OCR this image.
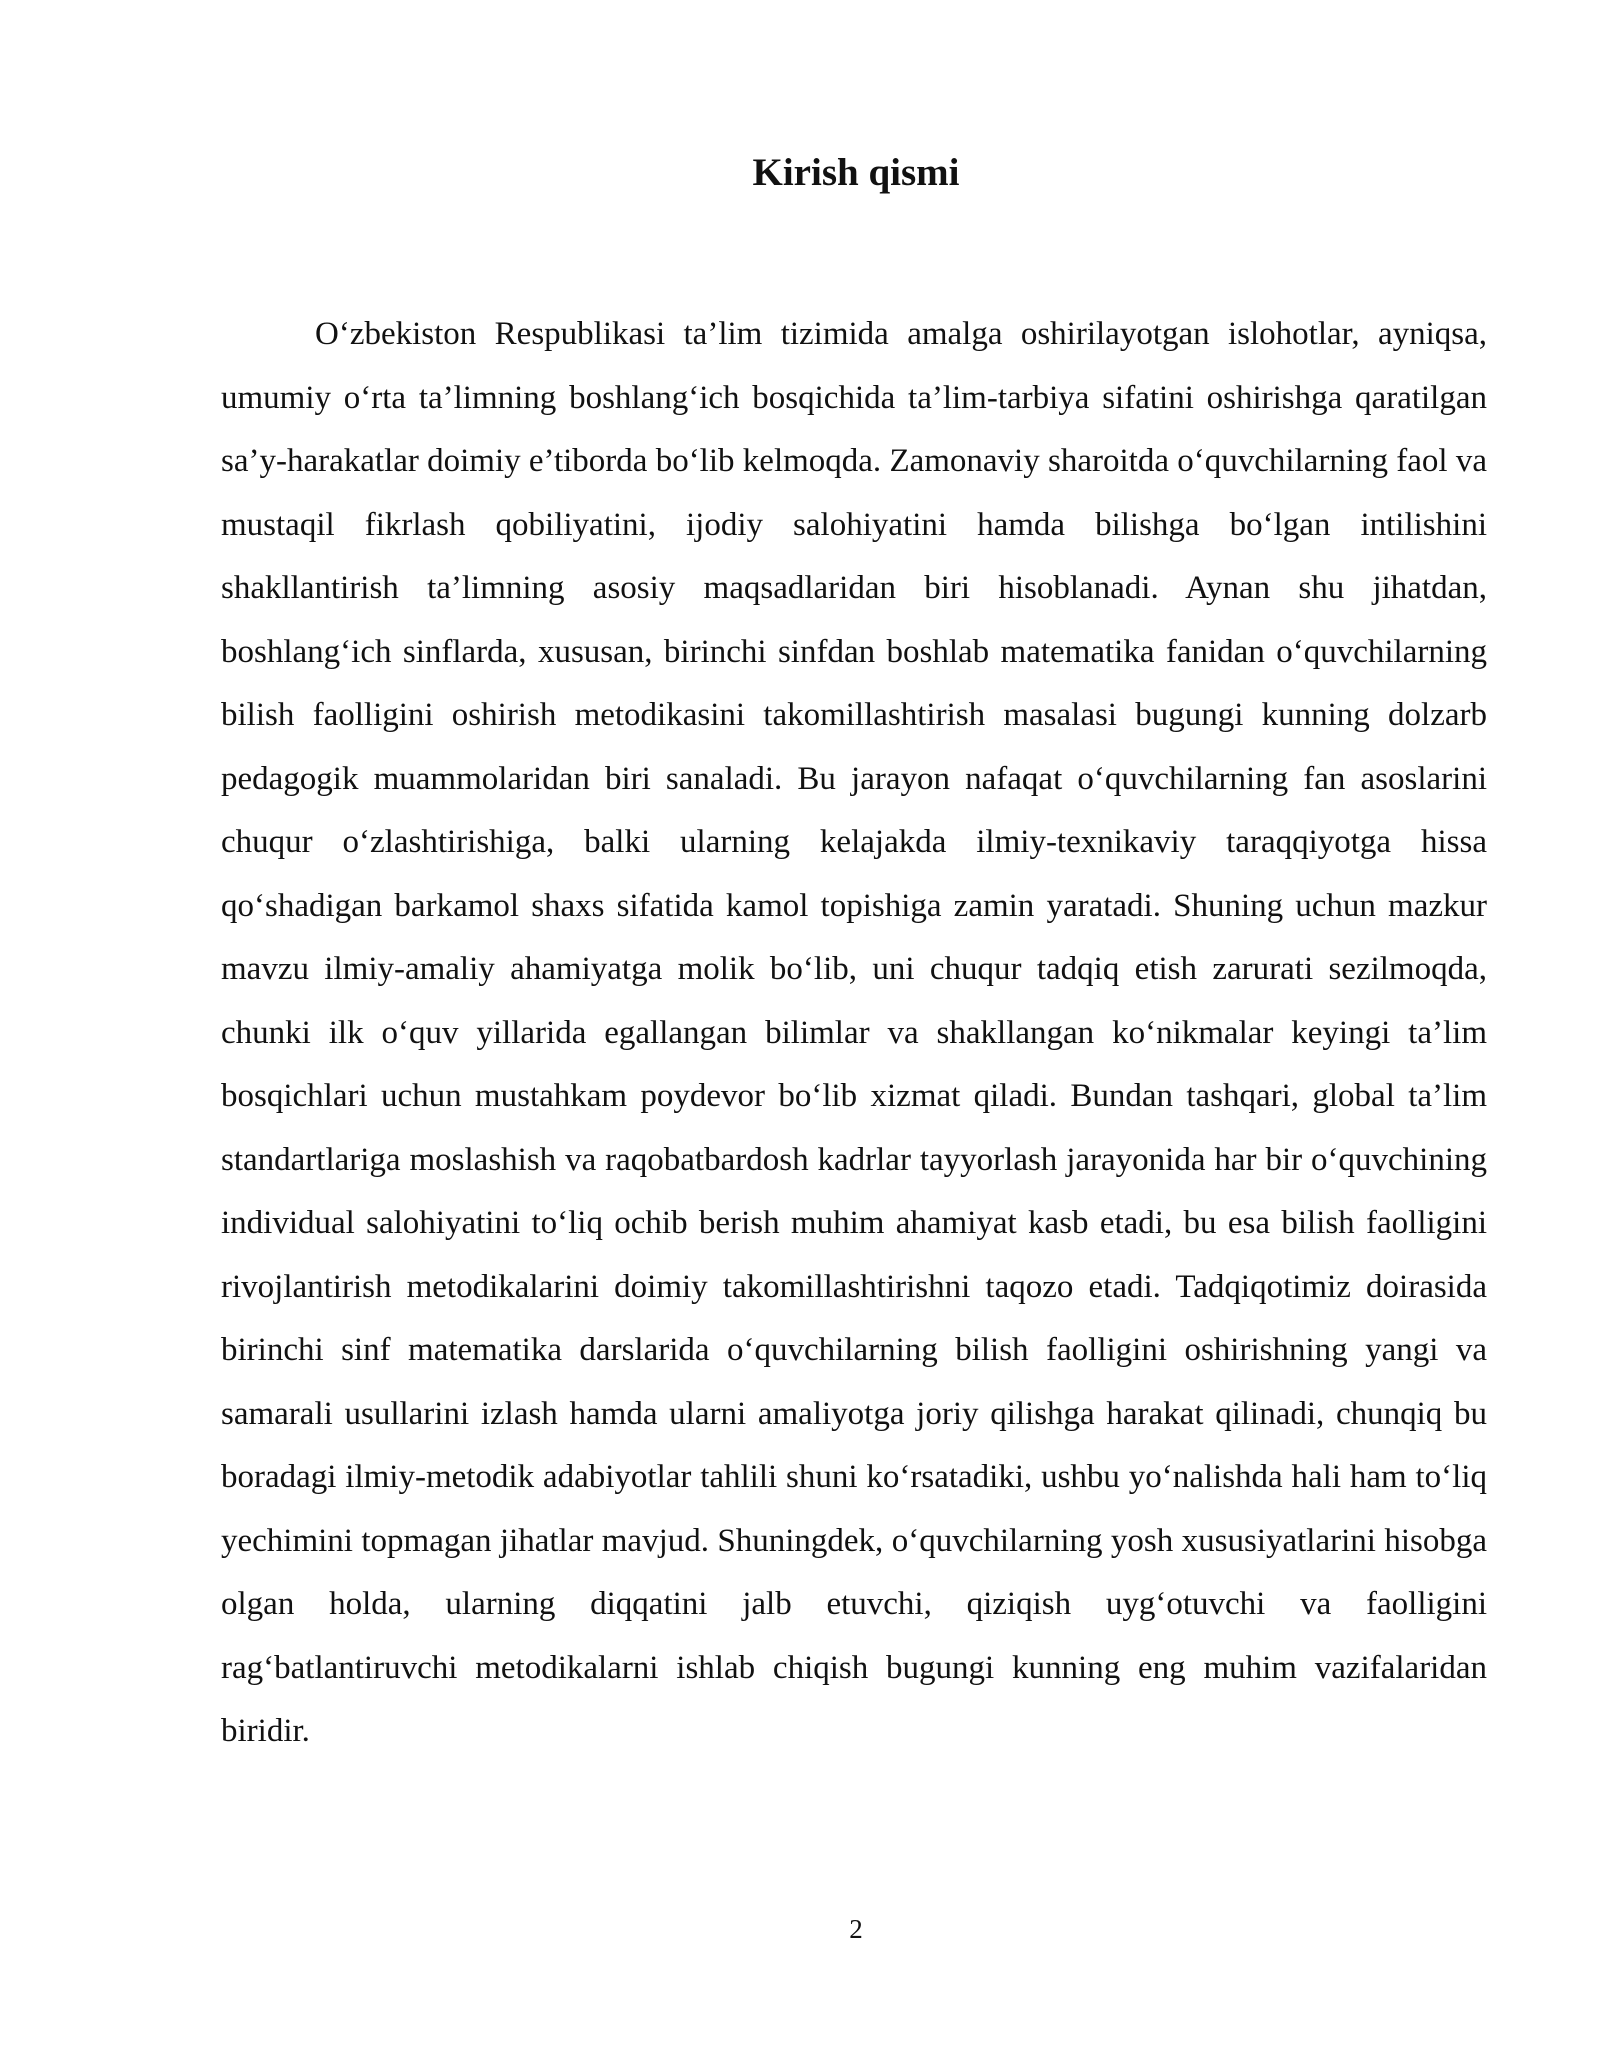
Kirish qismi

O‘zbekiston Respublikasi ta’lim tizimida amalga oshirilayotgan islohotlar, ayniqsa, umumiy o‘rta ta’limning boshlang‘ich bosqichida ta’lim-tarbiya sifatini oshirishga qaratilgan sa’y-harakatlar doimiy e’tiborda bo‘lib kelmoqda. Zamonaviy sharoitda o‘quvchilarning faol va mustaqil fikrlash qobiliyatini, ijodiy salohiyatini hamda bilishga bo‘lgan intilishini shakllantirish ta’limning asosiy maqsadlaridan biri hisoblanadi. Aynan shu jihatdan, boshlang‘ich sinflarda, xususan, birinchi sinfdan boshlab matematika fanidan o‘quvchilarning bilish faolligini oshirish metodikasini takomillashtirish masalasi bugungi kunning dolzarb pedagogik muammolaridan biri sanaladi. Bu jarayon nafaqat o‘quvchilarning fan asoslarini chuqur o‘zlashtirishiga, balki ularning kelajakda ilmiy-texnikaviy taraqqiyotga hissa qo‘shadigan barkamol shaxs sifatida kamol topishiga zamin yaratadi. Shuning uchun mazkur mavzu ilmiy-amaliy ahamiyatga molik bo‘lib, uni chuqur tadqiq etish zarurati sezilmoqda, chunki ilk o‘quv yillarida egallangan bilimlar va shakllangan ko‘nikmalar keyingi ta’lim bosqichlari uchun mustahkam poydevor bo‘lib xizmat qiladi. Bundan tashqari, global ta’lim standartlariga moslashish va raqobatbardosh kadrlar tayyorlash jarayonida har bir o‘quvchining individual salohiyatini to‘liq ochib berish muhim ahamiyat kasb etadi, bu esa bilish faolligini rivojlantirish metodikalarini doimiy takomillashtirishni taqozo etadi. Tadqiqotimiz doirasida birinchi sinf matematika darslarida o‘quvchilarning bilish faolligini oshirishning yangi va samarali usullarini izlash hamda ularni amaliyotga joriy qilishga harakat qilinadi, chunqiq bu boradagi ilmiy-metodik adabiyotlar tahlili shuni ko‘rsatadiki, ushbu yo‘nalishda hali ham to‘liq yechimini topmagan jihatlar mavjud. Shuningdek, o‘quvchilarning yosh xususiyatlarini hisobga olgan holda, ularning diqqatini jalb etuvchi, qiziqish uyg‘otuvchi va faolligini rag‘batlantiruvchi metodikalarni ishlab chiqish bugungi kunning eng muhim vazifalaridan biridir.

2
